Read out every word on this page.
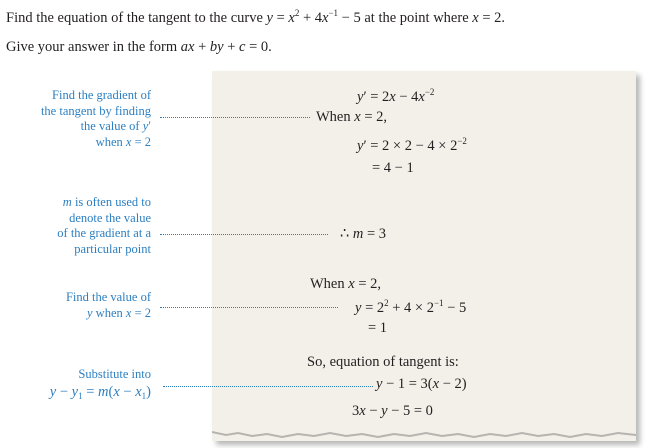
Find the equation of the tangent to the curve $y = x^2 + 4x^{-1} - 5$ at the point where x = 2.
Give your answer in the form ax + by + c = 0.
Find the gradient of
the tangent by finding
the value of y′
when x = 2
m is often used to
denote the value
of the gradient at a
particular point
Find the value of
y when x = 2
Substitute into
$y - y_1 = m(x - x_1)$
$y' = 2x - 4x^{-2}$
When x = 2,
$y' = 2 \times 2 - 4 \times 2^{-2}$
= 4 − 1
∴ m = 3
When x = 2,
$y = 2^2 + 4 \times 2^{-1} - 5$
= 1
So, equation of tangent is:
y − 1 = 3(x − 2)
3x − y − 5 = 0
